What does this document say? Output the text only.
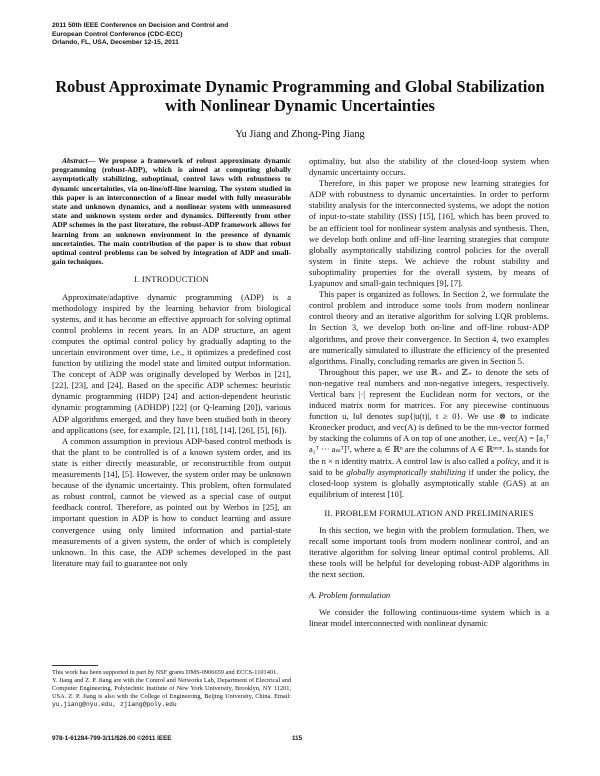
2011 50th IEEE Conference on Decision and Control and
European Control Conference (CDC-ECC)
Orlando, FL, USA, December 12-15, 2011
Robust Approximate Dynamic Programming and Global Stabilization
with Nonlinear Dynamic Uncertainties
Yu Jiang and Zhong-Ping Jiang

Abstract— We propose a framework of robust approximate dynamic programming (robust-ADP), which is aimed at computing globally asymptotically stabilizing, suboptimal, control laws with robustness to dynamic uncertainties, via on-line/off-line learning. The system studied in this paper is an interconnection of a linear model with fully measurable state and unknown dynamics, and a nonlinear system with unmeasured state and unknown system order and dynamics. Differently from other ADP schemes in the past literature, the robust-ADP framework allows for learning from an unknown environment in the presence of dynamic uncertainties. The main contribution of the paper is to show that robust optimal control problems can be solved by integration of ADP and small-gain techniques.

I. INTRODUCTION

Approximate/adaptive dynamic programming (ADP) is a methodology inspired by the learning behavior from biological systems, and it has become an effective approach for solving optimal control problems in recent years. In an ADP structure, an agent computes the optimal control policy by gradually adapting to the uncertain environment over time, i.e., it optimizes a predefined cost function by utilizing the model state and limited output information. The concept of ADP was originally developed by Werbos in [21], [22], [23], and [24]. Based on the specific ADP schemes: heuristic dynamic programming (HDP) [24] and action-dependent heuristic dynamic programming (ADHDP) [22] (or Q-learning [20]), various ADP algorithms emerged, and they have been studied both in theory and applications (see, for example, [2], [1], [18], [14], [26], [5], [6]).

A common assumption in previous ADP-based control methods is that the plant to be controlled is of a known system order, and its state is either directly measurable, or reconstructible from output measurements [14], [5]. However, the system order may be unknown because of the dynamic uncertainty. This problem, often formulated as robust control, cannot be viewed as a special case of output feedback control. Therefore, as pointed out by Werbos in [25], an important question in ADP is how to conduct learning and assure convergence using only limited information and partial-state measurements of a given system, the order of which is completely unknown. In this case, the ADP schemes developed in the past literature may fail to guarantee not only

This work has been supported in part by NSF grants DMS-0906659 and ECCS-1101401.

Y. Jiang and Z. P. Jiang are with the Control and Networks Lab, Department of Electrical and Computer Engineering, Polytechnic Institute of New York University, Brooklyn, NY 11201, USA. Z. P. Jiang is also with the College of Engineering, Beijing University, China. Email: yu.jiang@nyu.edu, zjiang@poly.edu

optimality, but also the stability of the closed-loop system when dynamic uncertainty occurs.

Therefore, in this paper we propose new learning strategies for ADP with robustness to dynamic uncertainties. In order to perform stability analysis for the interconnected systems, we adopt the notion of input-to-state stability (ISS) [15], [16], which has been proved to be an efficient tool for nonlinear system analysis and synthesis. Then, we develop both online and off-line learning strategies that compute globally asymptotically stabilizing control policies for the overall system in finite steps. We achieve the robust stability and suboptimality properties for the overall system, by means of Lyapunov and small-gain techniques [9], [7].

This paper is organized as follows. In Section 2, we formulate the control problem and introduce some tools from modern nonlinear control theory and an iterative algorithm for solving LQR problems. In Section 3, we develop both on-line and off-line robust-ADP algorithms, and prove their convergence. In Section 4, two examples are numerically simulated to illustrate the efficiency of the presented algorithms. Finally, concluding remarks are given in Section 5.

Throughout this paper, we use ℝ₊ and ℤ₊ to denote the sets of non-negative real numbers and non-negative integers, respectively. Vertical bars |·| represent the Euclidean norm for vectors, or the induced matrix norm for matrices. For any piecewise continuous function u, ‖u‖ denotes sup{|u(t)|, t ≥ 0}. We use ⊗ to indicate Kronecker product, and vec(A) is defined to be the mn-vector formed by stacking the columns of A on top of one another, i.e., vec(A) = [a₁ᵀ a₂ᵀ ··· aₘᵀ]ᵀ, where aᵢ ∈ ℝⁿ are the columns of A ∈ ℝⁿˣᵐ. Iₙ stands for the n × n identity matrix. A control law is also called a policy, and it is said to be globally asymptotically stabilizing if under the policy, the closed-loop system is globally asymptotically stable (GAS) at an equilibrium of interest [10].

II. PROBLEM FORMULATION AND PRELIMINARIES

In this section, we begin with the problem formulation. Then, we recall some important tools from modern nonlinear control, and an iterative algorithm for solving linear optimal control problems. All these tools will be helpful for developing robust-ADP algorithms in the next section.

A. Problem formulation

We consider the following continuous-time system which is a linear model interconnected with nonlinear dynamic

978-1-61284-799-3/11/$26.00 ©2011 IEEE	115
